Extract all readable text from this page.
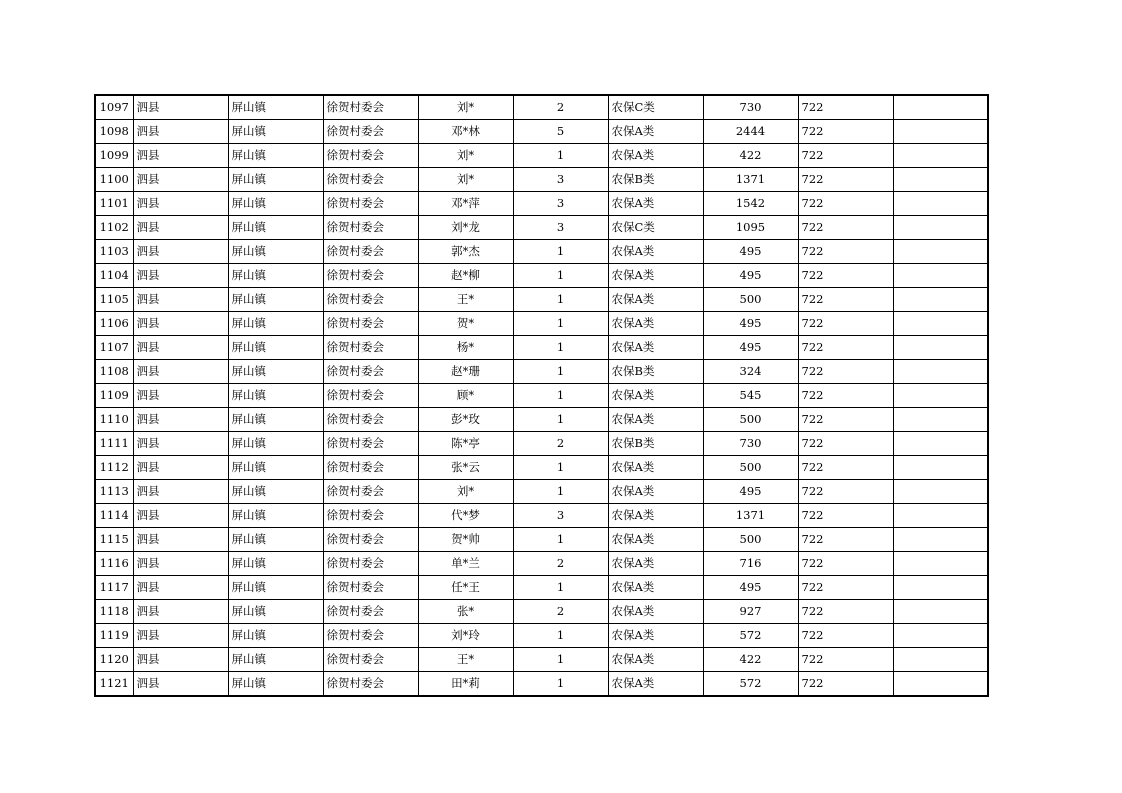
1097	泗县	屏山镇	徐贺村委会	刘*	2	农保C类	730	722	
1098	泗县	屏山镇	徐贺村委会	邓*林	5	农保A类	2444	722	
1099	泗县	屏山镇	徐贺村委会	刘*	1	农保A类	422	722	
1100	泗县	屏山镇	徐贺村委会	刘*	3	农保B类	1371	722	
1101	泗县	屏山镇	徐贺村委会	邓*萍	3	农保A类	1542	722	
1102	泗县	屏山镇	徐贺村委会	刘*龙	3	农保C类	1095	722	
1103	泗县	屏山镇	徐贺村委会	郭*杰	1	农保A类	495	722	
1104	泗县	屏山镇	徐贺村委会	赵*柳	1	农保A类	495	722	
1105	泗县	屏山镇	徐贺村委会	王*	1	农保A类	500	722	
1106	泗县	屏山镇	徐贺村委会	贺*	1	农保A类	495	722	
1107	泗县	屏山镇	徐贺村委会	杨*	1	农保A类	495	722	
1108	泗县	屏山镇	徐贺村委会	赵*珊	1	农保B类	324	722	
1109	泗县	屏山镇	徐贺村委会	顾*	1	农保A类	545	722	
1110	泗县	屏山镇	徐贺村委会	彭*玫	1	农保A类	500	722	
1111	泗县	屏山镇	徐贺村委会	陈*亭	2	农保B类	730	722	
1112	泗县	屏山镇	徐贺村委会	张*云	1	农保A类	500	722	
1113	泗县	屏山镇	徐贺村委会	刘*	1	农保A类	495	722	
1114	泗县	屏山镇	徐贺村委会	代*梦	3	农保A类	1371	722	
1115	泗县	屏山镇	徐贺村委会	贺*帅	1	农保A类	500	722	
1116	泗县	屏山镇	徐贺村委会	单*兰	2	农保A类	716	722	
1117	泗县	屏山镇	徐贺村委会	任*王	1	农保A类	495	722	
1118	泗县	屏山镇	徐贺村委会	张*	2	农保A类	927	722	
1119	泗县	屏山镇	徐贺村委会	刘*玲	1	农保A类	572	722	
1120	泗县	屏山镇	徐贺村委会	王*	1	农保A类	422	722	
1121	泗县	屏山镇	徐贺村委会	田*莉	1	农保A类	572	722	
